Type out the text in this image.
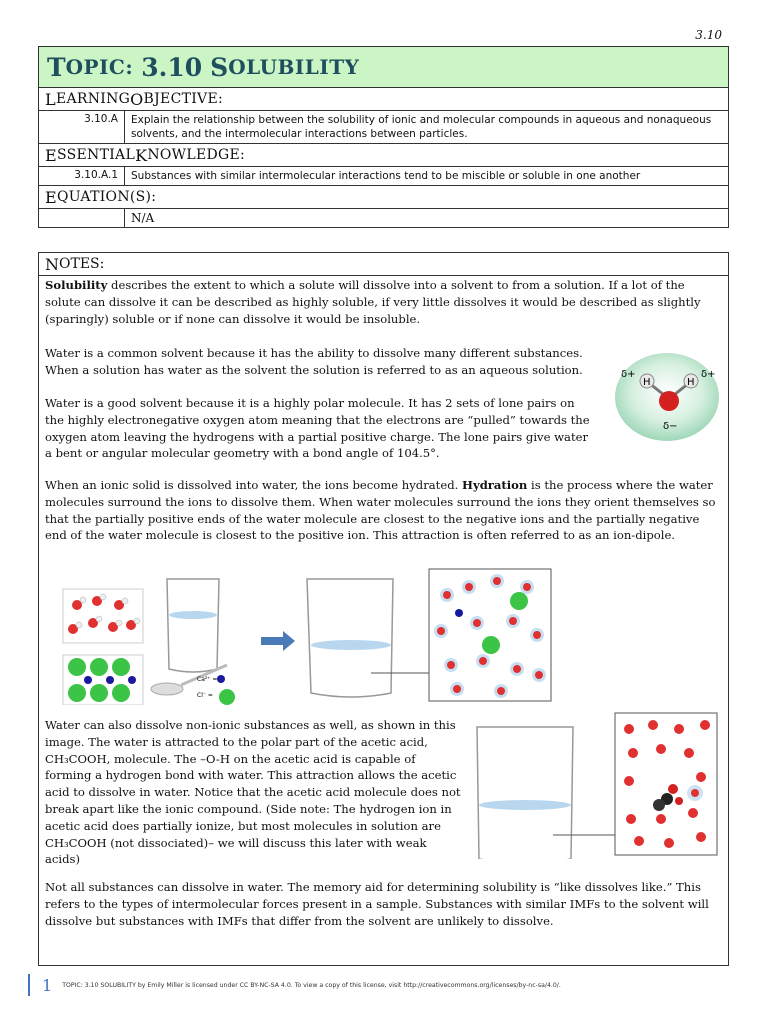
3.10
T OPIC: 3.10 S OLUBILITY
L EARNING O BJECTIVE:
3.10.A	Explain the relationship between the solubility of ionic and molecular compounds in aqueous and nonaqueous solvents, and the intermolecular interactions between particles.
E SSENTIAL K NOWLEDGE:
3.10.A.1	Substances with similar intermolecular interactions tend to be miscible or soluble in one another
E QUATION(S):
N/A
N OTES:
Solubility describes the extent to which a solute will dissolve into a solvent to from a solution. If a lot of the solute can dissolve it can be described as highly soluble, if very little dissolves it would be described as slightly (sparingly) soluble or if none can dissolve it would be insoluble.
Water is a common solvent because it has the ability to dissolve many different substances. When a solution has water as the solvent the solution is referred to as an aqueous solution.
Water is a good solvent because it is a highly polar molecule. It has 2 sets of lone pairs on the highly electronegative oxygen atom meaning that the electrons are “pulled” towards the oxygen atom leaving the hydrogens with a partial positive charge. The lone pairs give water a bent or angular molecular geometry with a bond angle of 104.5°.
H	H
δ+	δ+
δ−
When an ionic solid is dissolved into water, the ions become hydrated. Hydration is the process where the water molecules surround the ions to dissolve them. When water molecules surround the ions they orient themselves so that the partially positive ends of the water molecule are closest to the negative ions and the partially negative end of the water molecule is closest to the positive ion. This attraction is often referred to as an ion-dipole.
Ca²⁺ =
Cl⁻ =
Water can also dissolve non-ionic substances as well, as shown in this image. The water is attracted to the polar part of the acetic acid, CH₃COOH, molecule. The –O-H on the acetic acid is capable of forming a hydrogen bond with water. This attraction allows the acetic acid to dissolve in water. Notice that the acetic acid molecule does not break apart like the ionic compound. (Side note: The hydrogen ion in acetic acid does partially ionize, but most molecules in solution are CH₃COOH (not dissociated)– we will discuss this later with weak acids)
Not all substances can dissolve in water. The memory aid for determining solubility is “like dissolves like.” This refers to the types of intermolecular forces present in a sample. Substances with similar IMFs to the solvent will dissolve but substances with IMFs that differ from the solvent are unlikely to dissolve.
1 TOPIC: 3.10 SOLUBILITY by Emily Miller is licensed under CC BY-NC-SA 4.0. To view a copy of this license, visit http://creativecommons.org/licenses/by-nc-sa/4.0/.
